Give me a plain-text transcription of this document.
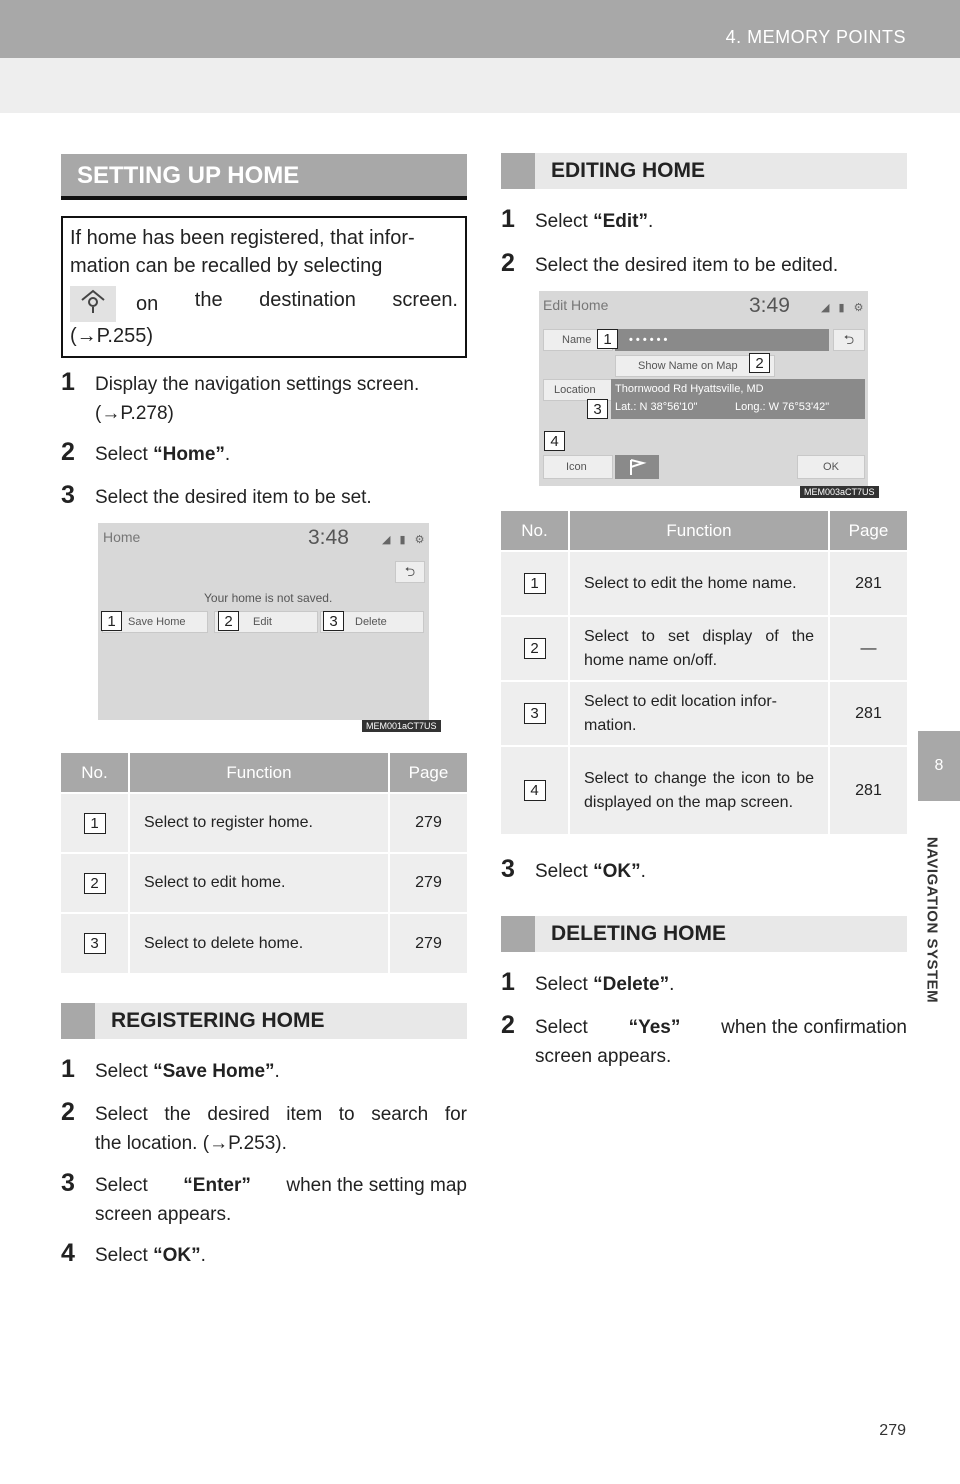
4. MEMORY POINTS
8
NAVIGATION SYSTEM
SETTING UP HOME
If home has been registered, that infor-
mation can be recalled by selecting
on the destination screen.
(→P.255)
1 Display the navigation settings screen.
(→P.278)
2 Select “Home”.
3 Select the desired item to be set.
Home	3:48	◢ ▮ ⚙
⮌
Your home is not saved.
Save Home	Edit	Delete
1	2	3
MEM001aCT7US
No.	Function	Page
1	Select to register home.	279
2	Select to edit home.	279
3	Select to delete home.	279
REGISTERING HOME
1 Select “Save Home”.
2 Select the desired item to search for
the location. (→P.253).
3 Select “Enter” when the setting map
screen appears.
4 Select “OK”.
EDITING HOME
1 Select “Edit”.
2 Select the desired item to be edited.
Edit Home	3:49	◢ ▮ ⚙
Name	• • • • • •	⮌
Show Name on Map
Location	Thornwood Rd Hyattsville, MD
Lat.: N 38°56'10"	Long.: W 76°53'42"
Icon	OK
1
2
3
4
MEM003aCT7US
No.	Function	Page
1	Select to edit the home name.	281
2	Select to set display of the home name on/off.	—
3	Select to edit location infor-mation.	281
4	Select to change the icon to be displayed on the map screen.	281
3 Select “OK”.
DELETING HOME
1 Select “Delete”.
2 Select “Yes” when the confirmation
screen appears.
279
